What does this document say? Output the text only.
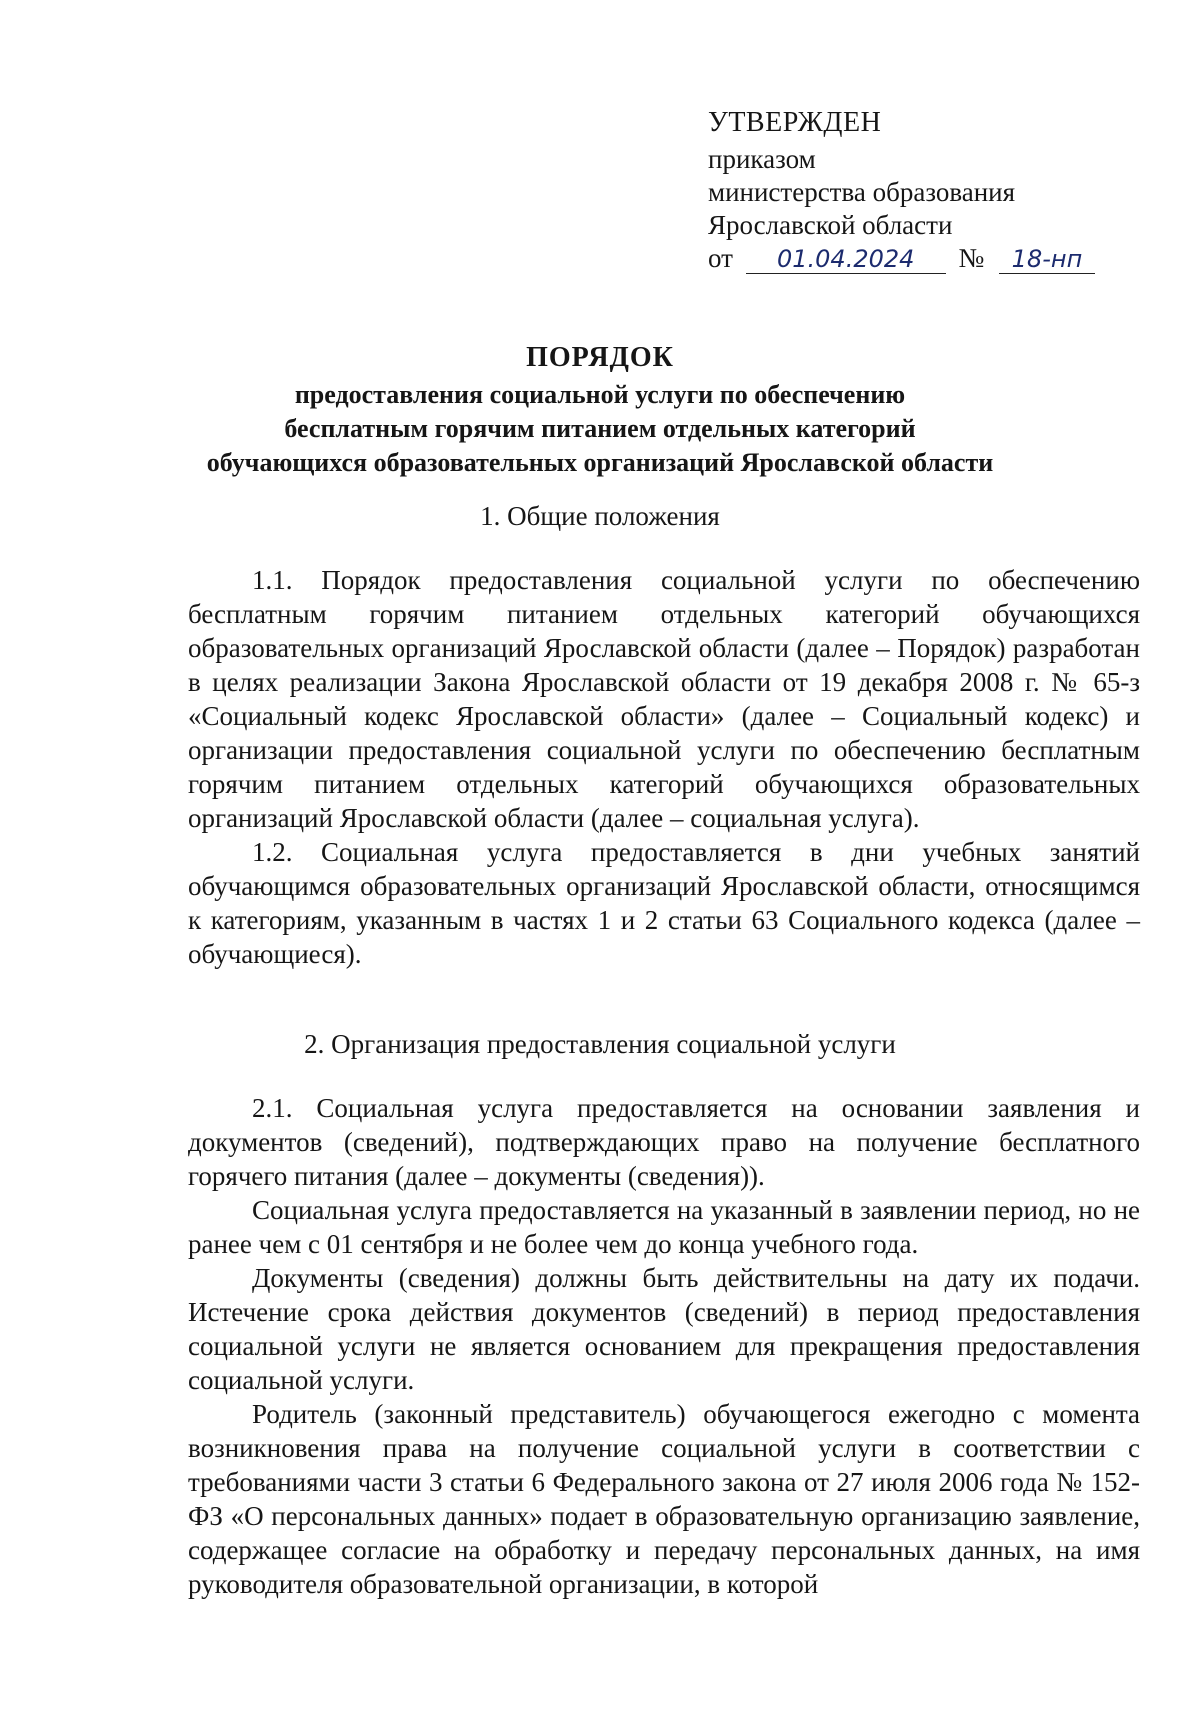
УТВЕРЖДЕН
приказом
министерства образования
Ярославской области
от 01.04.2024 № 18-нп
ПОРЯДОК
предоставления социальной услуги по обеспечению
бесплатным горячим питанием отдельных категорий
обучающихся образовательных организаций Ярославской области
1. Общие положения

1.1. Порядок предоставления социальной услуги по обеспечению бесплатным горячим питанием отдельных категорий обучающихся образовательных организаций Ярославской области (далее – Порядок) разработан в целях реализации Закона Ярославской области от 19 декабря 2008 г. № 65-з «Социальный кодекс Ярославской области» (далее – Социальный кодекс) и организации предоставления социальной услуги по обеспечению бесплатным горячим питанием отдельных категорий обучающихся образовательных организаций Ярославской области (далее – социальная услуга).

1.2. Социальная услуга предоставляется в дни учебных занятий обучающимся образовательных организаций Ярославской области, относящимся к категориям, указанным в частях 1 и 2 статьи 63 Социального кодекса (далее – обучающиеся).

2. Организация предоставления социальной услуги

2.1. Социальная услуга предоставляется на основании заявления и документов (сведений), подтверждающих право на получение бесплатного горячего питания (далее – документы (сведения)).

Социальная услуга предоставляется на указанный в заявлении период, но не ранее чем с 01 сентября и не более чем до конца учебного года.

Документы (сведения) должны быть действительны на дату их подачи. Истечение срока действия документов (сведений) в период предоставления социальной услуги не является основанием для прекращения предоставления социальной услуги.

Родитель (законный представитель) обучающегося ежегодно с момента возникновения права на получение социальной услуги в соответствии с требованиями части 3 статьи 6 Федерального закона от 27 июля 2006 года № 152-ФЗ «О персональных данных» подает в образовательную организацию заявление, содержащее согласие на обработку и передачу персональных данных, на имя руководителя образовательной организации, в которой
